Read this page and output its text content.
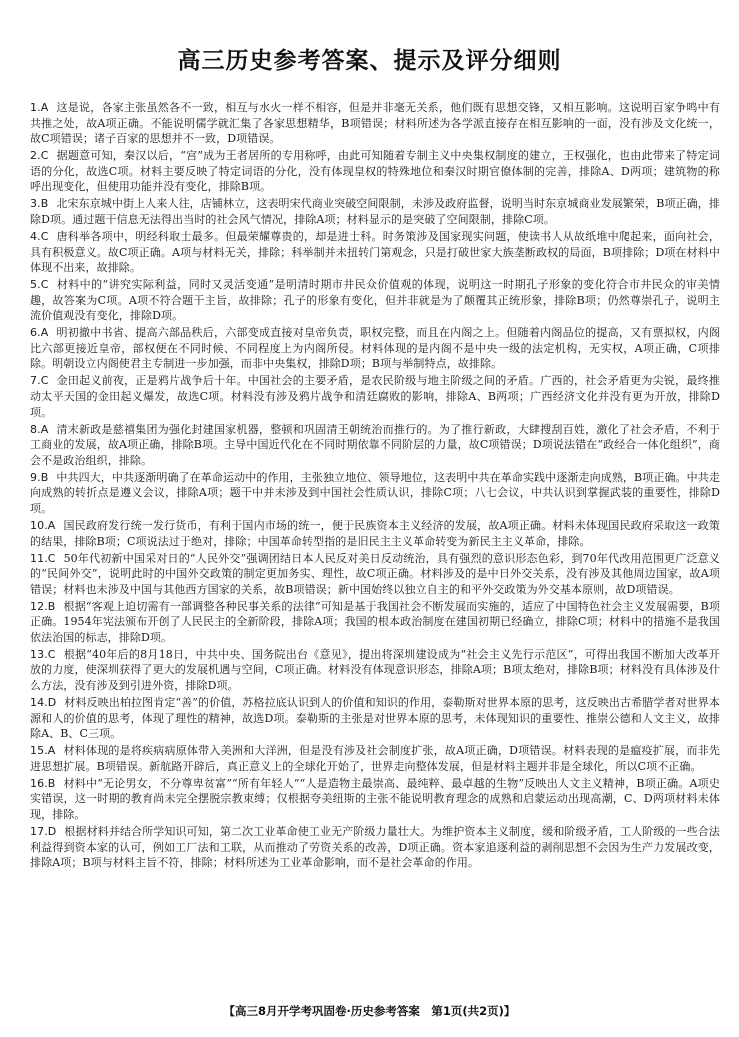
高三历史参考答案、提示及评分细则
1.A 这是说，各家主张虽然各不一致，相互与水火一样不相容，但是并非毫无关系，他们既有思想交锋，又相互影响。这说明百家争鸣中有共推之处，故A项正确。不能说明儒学就汇集了各家思想精华，B项错误；材料所述为各学派直接存在相互影响的一面，没有涉及文化统一，故C项错误；诸子百家的思想并不一致，D项错误。
2.C 据题意可知，秦汉以后，“宫”成为王者居所的专用称呼，由此可知随着专制主义中央集权制度的建立，王权强化，也由此带来了特定词语的分化，故选C项。材料主要反映了特定词语的分化，没有体现皇权的特殊地位和秦汉时期官僚体制的完善，排除A、D两项；建筑物的称呼出现变化，但使用功能并没有变化，排除B项。
3.B 北宋东京城中街上人来人往，店铺林立，这表明宋代商业突破空间限制，未涉及政府监督，说明当时东京城商业发展繁荣，B项正确，排除D项。通过题干信息无法得出当时的社会风气情况，排除A项；材料显示的是突破了空间限制，排除C项。
4.C 唐科举各项中，明经科取士最多。但最荣耀尊贵的，却是进士科。时务策涉及国家现实问题，使读书人从故纸堆中爬起来，面向社会，具有积极意义。故C项正确。A项与材料无关，排除；科举制并未扭转门第观念，只是打破世家大族垄断政权的局面，B项排除；D项在材料中体现不出来，故排除。
5.C 材料中的“讲究实际利益，同时又灵活变通”是明清时期市井民众价值观的体现，说明这一时期孔子形象的变化符合市井民众的审美情趣，故答案为C项。A项不符合题干主旨，故排除；孔子的形象有变化，但并非就是为了颠覆其正统形象，排除B项；仍然尊崇孔子，说明主流价值观没有变化，排除D项。
6.A 明初撤中书省、提高六部品秩后，六部变成直接对皇帝负责，职权完整，而且在内阁之上。但随着内阁品位的提高，又有票拟权，内阁比六部更接近皇帝，部权便在不同时候、不同程度上为内阁所侵。材料体现的是内阁不是中央一级的法定机构，无实权，A项正确，C项排除。明朝设立内阁使君主专制进一步加强，而非中央集权，排除D项；B项与举制特点，故排除。
7.C 金田起义前夜，正是鸦片战争后十年。中国社会的主要矛盾，是农民阶级与地主阶级之间的矛盾。广西的，社会矛盾更为尖锐，最终推动太平天国的金田起义爆发，故选C项。材料没有涉及鸦片战争和清廷腐败的影响，排除A、B两项；广西经济文化并没有更为开放，排除D项。
8.A 清末新政是慈禧集团为强化封建国家机器，整顿和巩固清王朝统治而推行的。为了推行新政，大肆搜刮百姓，激化了社会矛盾，不利于工商业的发展，故A项正确，排除B项。主导中国近代化在不同时期依靠不同阶层的力量，故C项错误；D项说法错在“政经合一体化组织”，商会不是政治组织，排除。
9.B 中共四大，中共逐渐明确了在革命运动中的作用，主张独立地位、领导地位，这表明中共在革命实践中逐渐走向成熟，B项正确。中共走向成熟的转折点是遵义会议，排除A项；题干中并未涉及到中国社会性质认识，排除C项；八七会议，中共认识到掌握武装的重要性，排除D项。
10.A 国民政府发行统一发行货币，有利于国内市场的统一，便于民族资本主义经济的发展，故A项正确。材料未体现国民政府采取这一政策的结果，排除B项；C项说法过于绝对，排除；中国革命转型指的是旧民主主义革命转变为新民主主义革命，排除。
11.C 50年代初新中国采对日的“人民外交”强调团结日本人民反对美日反动统治，具有强烈的意识形态色彩，到70年代改用范围更广泛意义的“民间外交”，说明此时的中国外交政策的制定更加务实、理性，故C项正确。材料涉及的是中日外交关系，没有涉及其他周边国家，故A项错误；材料也未涉及中国与其他西方国家的关系，故B项错误；新中国始终以独立自主的和平外交政策为外交基本原则，故D项错误。
12.B 根据“客观上迫切需有一部调整各种民事关系的法律”可知是基于我国社会不断发展而实施的，适应了中国特色社会主义发展需要，B项正确。1954年宪法颁布开创了人民民主的全新阶段，排除A项；我国的根本政治制度在建国初期已经确立，排除C项；材料中的措施不是我国依法治国的标志，排除D项。
13.C 根据“40年后的8月18日，中共中央、国务院出台《意见》，提出将深圳建设成为“社会主义先行示范区”，可得出我国不断加大改革开放的力度，使深圳获得了更大的发展机遇与空间，C项正确。材料没有体现意识形态，排除A项；B项太绝对，排除B项；材料没有具体涉及什么方法，没有涉及到引进外资，排除D项。
14.D 材料反映出柏拉图肯定“善”的价值，苏格拉底认识到人的价值和知识的作用，泰勒斯对世界本原的思考，这反映出古希腊学者对世界本源和人的价值的思考，体现了理性的精神，故选D项。泰勒斯的主张是对世界本原的思考，未体现知识的重要性、推崇公德和人文主义，故排除A、B、C三项。
15.A 材料体现的是将疾病病原体带入美洲和大洋洲，但是没有涉及社会制度扩张，故A项正确，D项错误。材料表现的是瘟疫扩展，而非先进思想扩展。B项错误。新航路开辟后，真正意义上的全球化开始了，世界走向整体发展，但是材料主题并非是全球化，所以C项不正确。
16.B 材料中“无论男女，不分尊卑贫富”“所有年轻人”“人是造物主最崇高、最纯粹、最卓越的生物”反映出人文主义精神，B项正确。A项史实错误，这一时期的教育尚未完全摆脱宗教束缚；仅根据夸美纽斯的主张不能说明教育理念的成熟和启蒙运动出现高潮，C、D两项材料未体现，排除。
17.D 根据材料并结合所学知识可知，第二次工业革命使工业无产阶级力量壮大。为维护资本主义制度，缓和阶级矛盾，工人阶级的一些合法利益得到资本家的认可，例如工厂法和工联，从而推动了劳资关系的改善，D项正确。资本家追逐利益的剥削思想不会因为生产力发展改变，排除A项；B项与材料主旨不符，排除；材料所述为工业革命影响，而不是社会革命的作用。
【高三8月开学考巩固卷·历史参考答案　第1页(共2页)】
